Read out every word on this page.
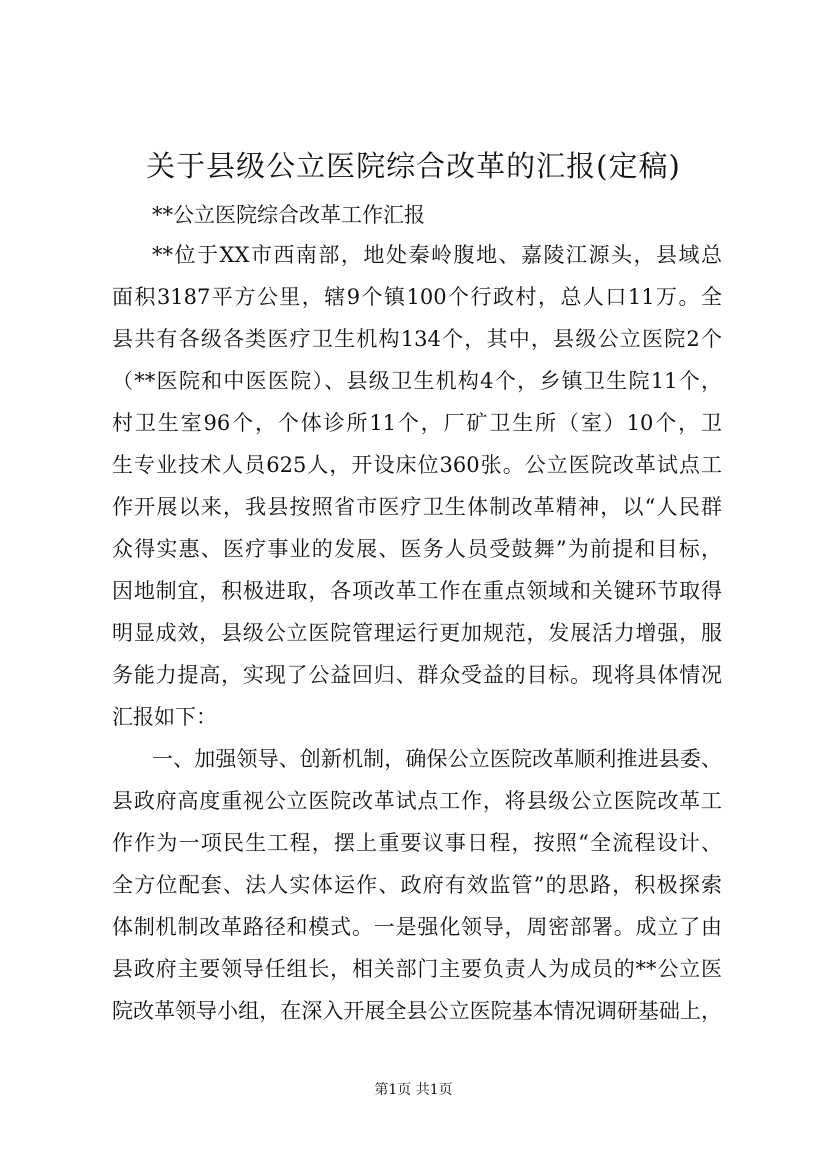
关于县级公立医院综合改革的汇报(定稿)
**公立医院综合改革工作汇报
**位于XX市西南部，地处秦岭腹地、嘉陵江源头，县域总
面积3187平方公里，辖9个镇100个行政村，总人口11万。全
县共有各级各类医疗卫生机构134个，其中，县级公立医院2个
（**医院和中医医院）、县级卫生机构4个，乡镇卫生院11个，
村卫生室96个，个体诊所11个，厂矿卫生所（室）10个，卫
生专业技术人员625人，开设床位360张。公立医院改革试点工
作开展以来，我县按照省市医疗卫生体制改革精神，以“人民群
众得实惠、医疗事业的发展、医务人员受鼓舞”为前提和目标，
因地制宜，积极进取，各项改革工作在重点领域和关键环节取得
明显成效，县级公立医院管理运行更加规范，发展活力增强，服
务能力提高，实现了公益回归、群众受益的目标。现将具体情况
汇报如下：
一、加强领导、创新机制，确保公立医院改革顺利推进县委、
县政府高度重视公立医院改革试点工作，将县级公立医院改革工
作作为一项民生工程，摆上重要议事日程，按照“全流程设计、
全方位配套、法人实体运作、政府有效监管”的思路，积极探索
体制机制改革路径和模式。一是强化领导，周密部署。成立了由
县政府主要领导任组长，相关部门主要负责人为成员的**公立医
院改革领导小组，在深入开展全县公立医院基本情况调研基础上，
第1页 共1页
